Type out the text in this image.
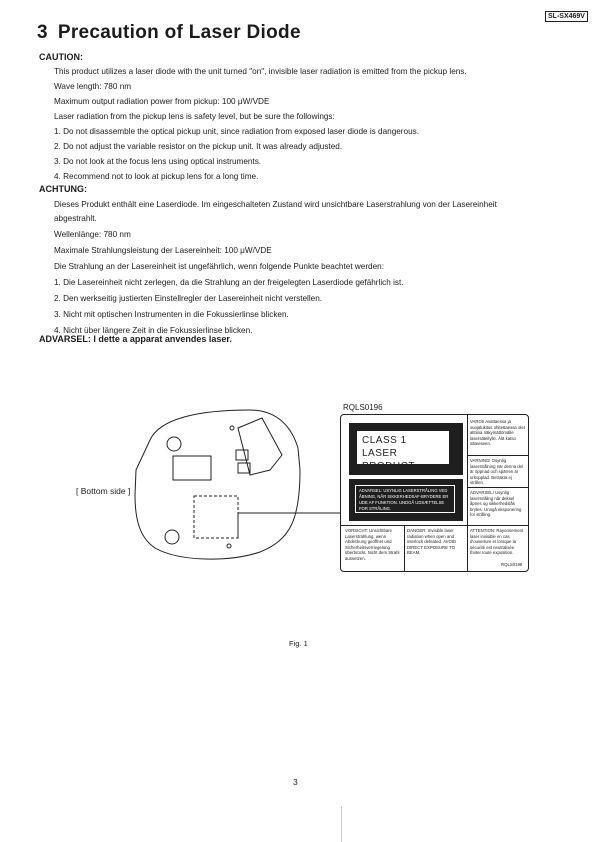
SL-SX469V
3 Precaution of Laser Diode
CAUTION:
This product utilizes a laser diode with the unit turned "on", invisible laser radiation is emitted from the pickup lens.
Wave length: 780 nm
Maximum output radiation power from pickup: 100 μW/VDE
Laser radiation from the pickup lens is safety level, but be sure the followings:
1. Do not disassemble the optical pickup unit, since radiation from exposed laser diode is dangerous.
2. Do not adjust the variable resistor on the pickup unit. It was already adjusted.
3. Do not look at the focus lens using optical instruments.
4. Recommend not to look at pickup lens for a long time.
ACHTUNG:
Dieses Produkt enthält eine Laserdiode. Im eingeschalteten Zustand wird unsichtbare Laserstrahlung von der Lasereinheit
abgestrahlt.
Wellenlänge: 780 nm
Maximale Strahlungsleistung der Lasereinheit: 100 μW/VDE
Die Strahlung an der Lasereinheit ist ungefährlich, wenn folgende Punkte beachtet werden:
1. Die Lasereinheit nicht zerlegen, da die Strahlung an der freigelegten Laserdiode gefährlich ist.
2. Den werkseitig justierten Einstellregler der Lasereinheit nicht verstellen.
3. Nicht mit optischen Instrumenten in die Fokussierlinse blicken.
4. Nicht über längere Zeit in die Fokussierlinse blicken.
ADVARSEL: I dette a apparat anvendes laser.
[ Bottom side ]
RQLS0196
CLASS 1
LASER PRODUCT
ADVARSEL: USYNLIG LASERSTRÅLING VED ÅBNING, NÅR SIKKERHEDSAF-BRYDERE ER UDE AF FUNKTION. UNDGÅ UDSÆTTELSE FOR STRÅLING.
VAROI! Avattaessa ja suojalukitus ohitettaessa olet alttiina näkymättömälle lasersäteilylle. Älä katso säteeseen.
VARNING! Osynlig laserstrålning när denna del är öppnad och spärren är urkopplad. Betrakta ej strålen.
ADVARSEL! Usynlig laserstråling når deksel åpnes og sikkerhedslås brytes. Unngå eksponering for stråling.
VORSICHT: Unsichtbare Laserstrahlung, wenn Abdeckung geöffnet und Sicherheitsverriegelung überbrückt. Nicht dem Strahl aussetzen.
DANGER: Invisible laser radiation when open and interlock defeated. AVOID DIRECT EXPOSURE TO BEAM.
ATTENTION: Rayonnement laser invisible en cas d'ouverture et lorsque la sécurité est neutralisée. Éviter toute exposition.
RQLS0196
Fig. 1
3
